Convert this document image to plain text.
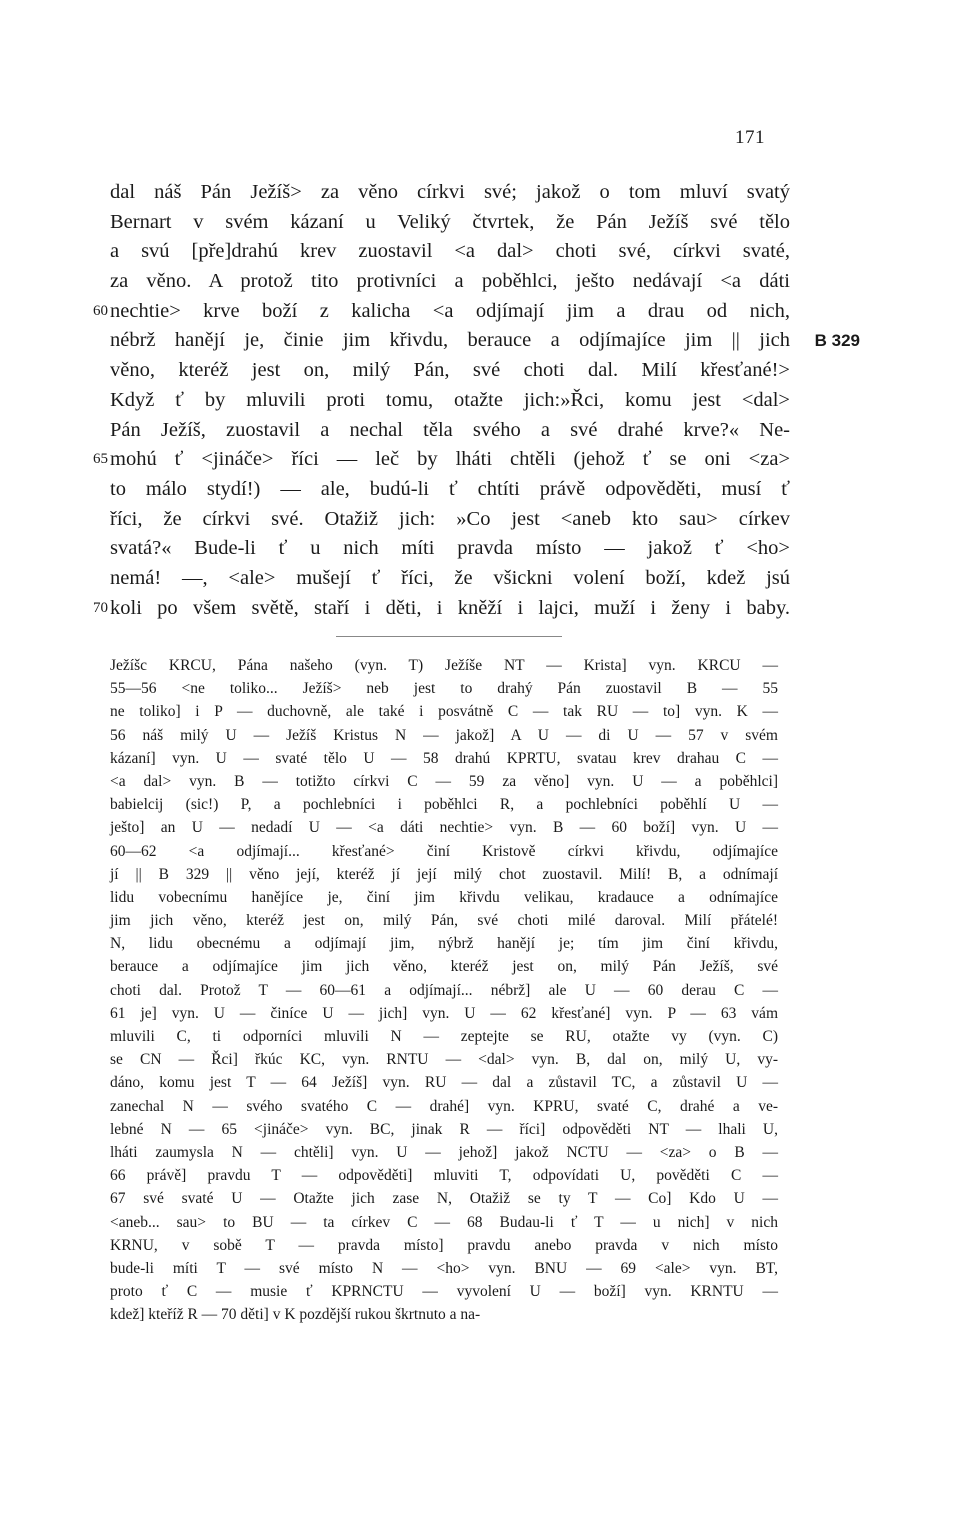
171
dal náš Pán Ježíš> za věno církvi své; jakož o tom mluví svatý
Bernart v svém kázaní u Veliký čtvrtek, že Pán Ježíš své tělo
a svú [pře]drahú krev zuostavil <a dal> choti své, církvi svaté,
za věno. A protož tito protivníci a poběhlci, ješto nedávají <a dáti
60 nechtie> krve boží z kalicha <a odjímají jim a drau od nich,
nébrž hanějí je, činie jim křivdu, berauce a odjímajíce jim || jich	B 329
věno, kteréž jest on, milý Pán, své choti dal. Milí křesťané!>
Když ť by mluvili proti tomu, otažte jich:»Řci, komu jest <dal>
Pán Ježíš, zuostavil a nechal těla svého a své drahé krve?« Ne-
65 mohú ť <jináče> říci — leč by lháti chtěli (jehož ť se oni <za>
to málo stydí!) — ale, budú-li ť chtíti právě odpověděti, musí ť
říci, že církvi své. Otažiž jich: »Co jest <aneb kto sau> církev
svatá?« Bude-li ť u nich míti pravda místo — jakož ť <ho>
nemá! —, <ale> mušejí ť říci, že všickni volení boží, kdež jsú
70 koli po všem světě, staří i děti, i kněží i lajci, muží i ženy i baby.
Ježíšc KRCU, Pána našeho (vyn. T) Ježíše NT — Krista] vyn. KRCU —
55—56 <ne toliko... Ježíš> neb jest to drahý Pán zuostavil B — 55
ne toliko] i P — duchovně, ale také i posvátně C — tak RU — to] vyn. K —
56 náš milý U — Ježíš Kristus N — jakož] A U — di U — 57 v svém
kázaní] vyn. U — svaté tělo U — 58 drahú KPRTU, svatau krev drahau C —
<a dal> vyn. B — totižto církvi C — 59 za věno] vyn. U — a poběhlci]
babielcij (sic!) P, a pochlebníci i poběhlci R, a pochlebníci poběhlí U —
ješto] an U — nedadí U — <a dáti nechtie> vyn. B — 60 boží] vyn. U —
60—62 <a odjímají... křesťané> činí Kristově církvi křivdu, odjímajíce
jí || B 329 || věno její, kteréž jí její milý chot zuostavil. Milí! B, a odnímají
lidu vobecnímu hanějíce je, činí jim křivdu velikau, kradauce a odnímajíce
jim jich věno, kteréž jest on, milý Pán, své choti milé daroval. Milí přátelé!
N, lidu obecnému a odjímají jim, nýbrž hanějí je; tím jim činí křivdu,
berauce a odjímajíce jim jich věno, kteréž jest on, milý Pán Ježíš, své
choti dal. Protož T — 60—61 a odjímají... nébrž] ale U — 60 derau C —
61 je] vyn. U — činíce U — jich] vyn. U — 62 křesťané] vyn. P — 63 vám
mluvili C, ti odporníci mluvili N — zeptejte se RU, otažte vy (vyn. C)
se CN — Řci] řkúc KC, vyn. RNTU — <dal> vyn. B, dal on, milý U, vy-
dáno, komu jest T — 64 Ježíš] vyn. RU — dal a zůstavil TC, a zůstavil U —
zanechal N — svého svatého C — drahé] vyn. KPRU, svaté C, drahé a ve-
lebné N — 65 <jináče> vyn. BC, jinak R — říci] odpověděti NT — lhali U,
lháti zaumysla N — chtěli] vyn. U — jehož] jakož NCTU — <za> o B —
66 právě] pravdu T — odpověděti] mluviti T, odpovídati U, pověděti C —
67 své svaté U — Otažte jich zase N, Otažiž se ty T — Co] Kdo U —
<aneb... sau> to BU — ta církev C — 68 Budau-li ť T — u nich] v nich
KRNU, v sobě T — pravda místo] pravdu anebo pravda v nich místo
bude-li míti T — své místo N — <ho> vyn. BNU — 69 <ale> vyn. BT,
proto ť C — musie ť KPRNCTU — vyvolení U — boží] vyn. KRNTU —
kdež] kteříž R — 70 děti] v K pozdější rukou škrtnuto a na-
